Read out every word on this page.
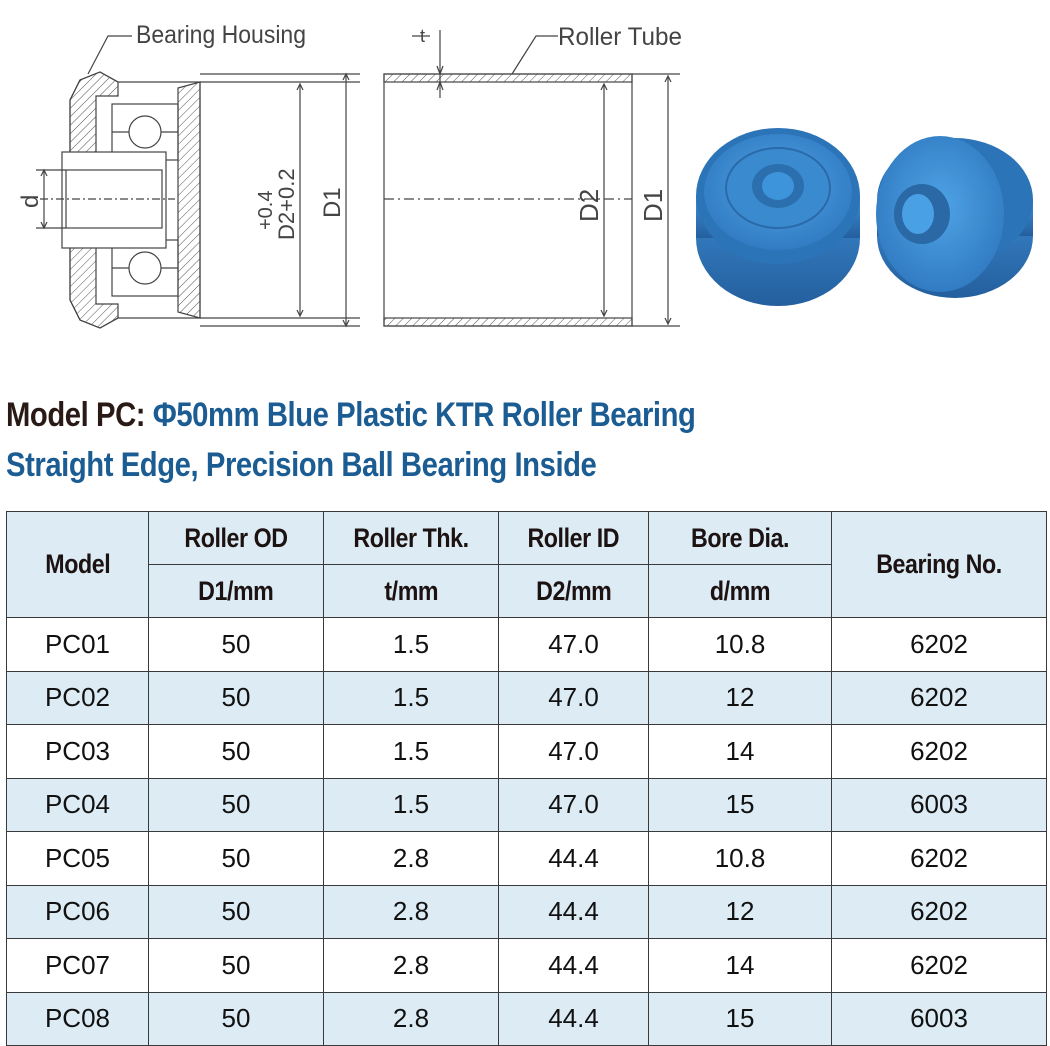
Bearing Housing
d	D2+0.2
+0.4 D1
Roller Tube
t
D2 D1
Model PC: Φ50mm Blue Plastic KTR Roller Bearing
Straight Edge, Precision Ball Bearing Inside
Model	Roller OD	Roller Thk.	Roller ID	Bore Dia.	Bearing No.
	D1/mm	t/mm	D2/mm	d/mm	
PC01	50	1.5	47.0	10.8	6202
PC02	50	1.5	47.0	12	6202
PC03	50	1.5	47.0	14	6202
PC04	50	1.5	47.0	15	6003
PC05	50	2.8	44.4	10.8	6202
PC06	50	2.8	44.4	12	6202
PC07	50	2.8	44.4	14	6202
PC08	50	2.8	44.4	15	6003
